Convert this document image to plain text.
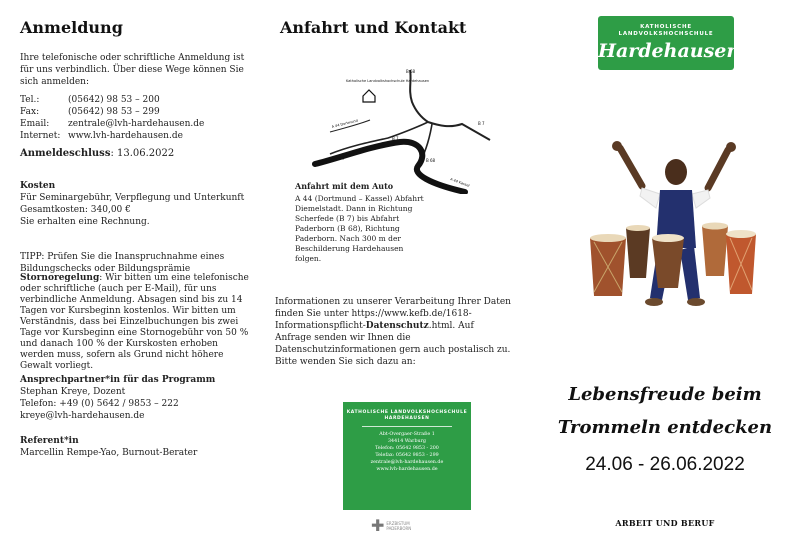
Anmeldung
Ihre telefonische oder schriftliche Anmeldung ist für uns verbindlich. Über diese Wege können Sie sich anmelden:
Tel.:	(05642) 98 53 – 200
Fax:	(05642) 98 53 – 299
Email: zentrale@lvh-hardehausen.de
Internet: www.lvh-hardehausen.de
Anmeldeschluss: 13.06.2022
Kosten
Für Seminargebühr, Verpflegung und Unterkunft
Gesamtkosten: 340,00 €
Sie erhalten eine Rechnung.
TIPP: Prüfen Sie die Inanspruchnahme eines Bildungschecks oder Bildungsprämie
Stornoregelung: Wir bitten um eine telefonische oder schriftliche (auch per E-Mail), für uns verbindliche Anmeldung. Absagen sind bis zu 14 Tagen vor Kursbeginn kostenlos. Wir bitten um Verständnis, dass bei Einzelbuchungen bis zwei Tage vor Kursbeginn eine Stornogebühr von 50 % und danach 100 % der Kurskosten erhoben werden muss, sofern als Grund nicht höhere Gewalt vorliegt.
Ansprechpartner*in für das Programm
Stephan Kreye, Dozent
Telefon: +49 (0) 5642 / 9853 – 222
kreye@lvh-hardehausen.de
Referent*in
Marcellin Rempe-Yao, Burnout-Berater
Anfahrt und Kontakt
Katholische Landvolkshochschule Hardehausen
B 68
B 7
B 7
B 7	B 68
A 44 Dortmund
A 44 Kassel
Anfahrt mit dem Auto
A 44 (Dortmund – Kassel) Abfahrt Diemelstadt. Dann in Richtung Scherfede (B 7) bis Abfahrt Paderborn (B 68), Richtung Paderborn. Nach 300 m der Beschilderung Hardehausen folgen.
Informationen zu unserer Verarbeitung Ihrer Daten finden Sie unter https://www.kefb.de/1618-Informationspflicht-Datenschutz.html. Auf Anfrage senden wir Ihnen die Datenschutzinformationen gern auch postalisch zu. Bitte wenden Sie sich dazu an:
KATHOLISCHE LANDVOLKSHOCHSCHULE HARDEHAUSEN
Abt-Overgaer-Straße 1
34414 Warburg
Telefon: 05642 9853 - 200
Telefax: 05642 9853 - 299
zentrale@lvh-hardehausen.de
www.lvh-hardehausen.de
✚ ERZBISTUM
PADERBORN
KATHOLISCHE
LANDVOLKSHOCHSCHULE
Hardehausen
Lebensfreude beim
Trommeln entdecken
24.06 - 26.06.2022
ARBEIT UND BERUF
